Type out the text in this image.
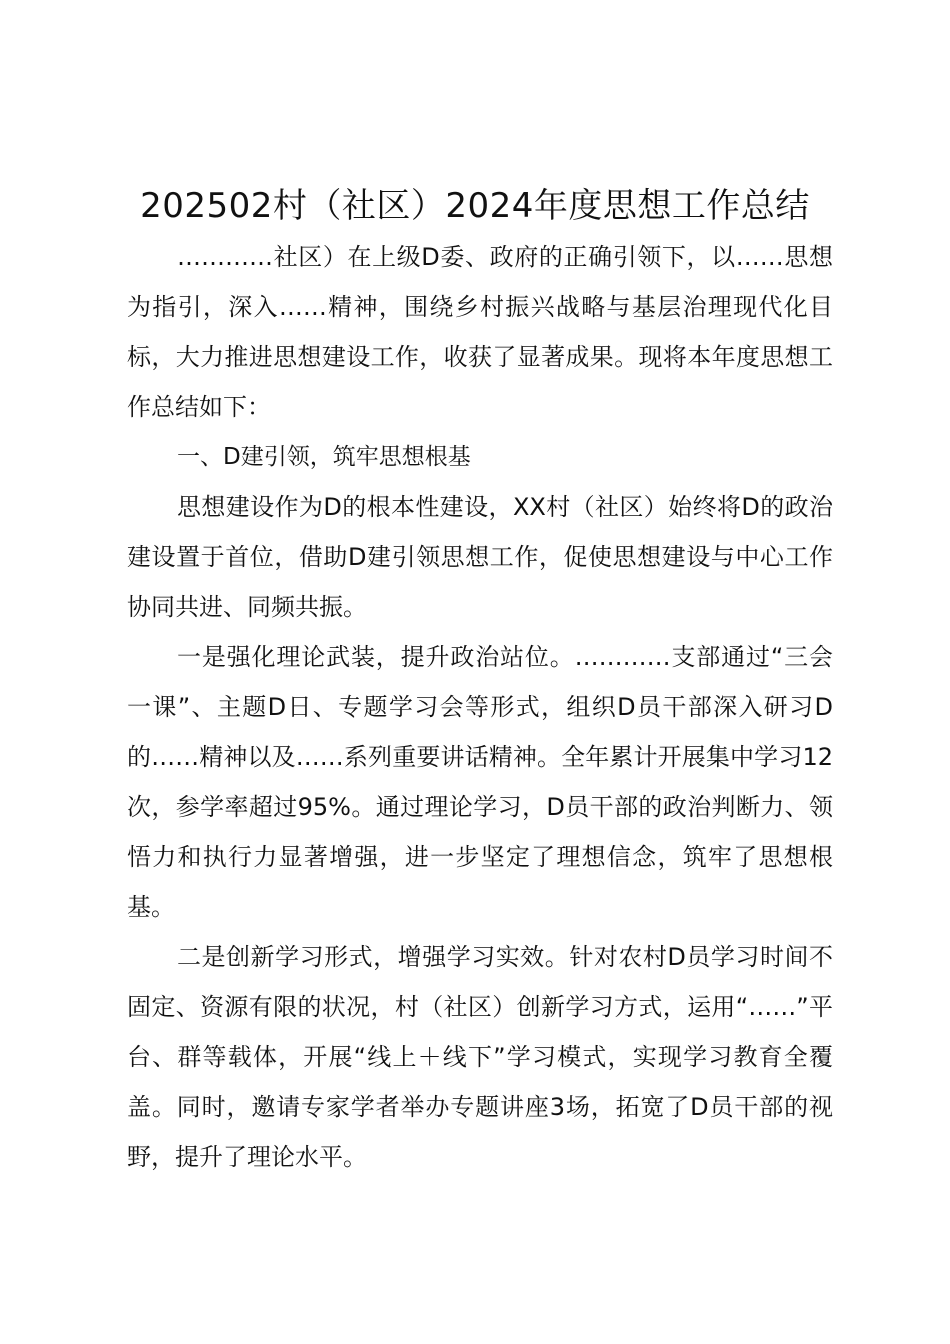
202502村（社区）2024年度思想工作总结

…………社区）在上级D委、政府的正确引领下，以……思想为指引，深入……精神，围绕乡村振兴战略与基层治理现代化目标，大力推进思想建设工作，收获了显著成果。现将本年度思想工作总结如下：

一、D建引领，筑牢思想根基

思想建设作为D的根本性建设，XX村（社区）始终将D的政治建设置于首位，借助D建引领思想工作，促使思想建设与中心工作协同共进、同频共振。

一是强化理论武装，提升政治站位。…………支部通过“三会一课”、主题D日、专题学习会等形式，组织D员干部深入研习D的……精神以及……系列重要讲话精神。全年累计开展集中学习12次，参学率超过95%。通过理论学习，D员干部的政治判断力、领悟力和执行力显著增强，进一步坚定了理想信念，筑牢了思想根基。

二是创新学习形式，增强学习实效。针对农村D员学习时间不固定、资源有限的状况，村（社区）创新学习方式，运用“……”平台、群等载体，开展“线上＋线下”学习模式，实现学习教育全覆盖。同时，邀请专家学者举办专题讲座3场，拓宽了D员干部的视野，提升了理论水平。
